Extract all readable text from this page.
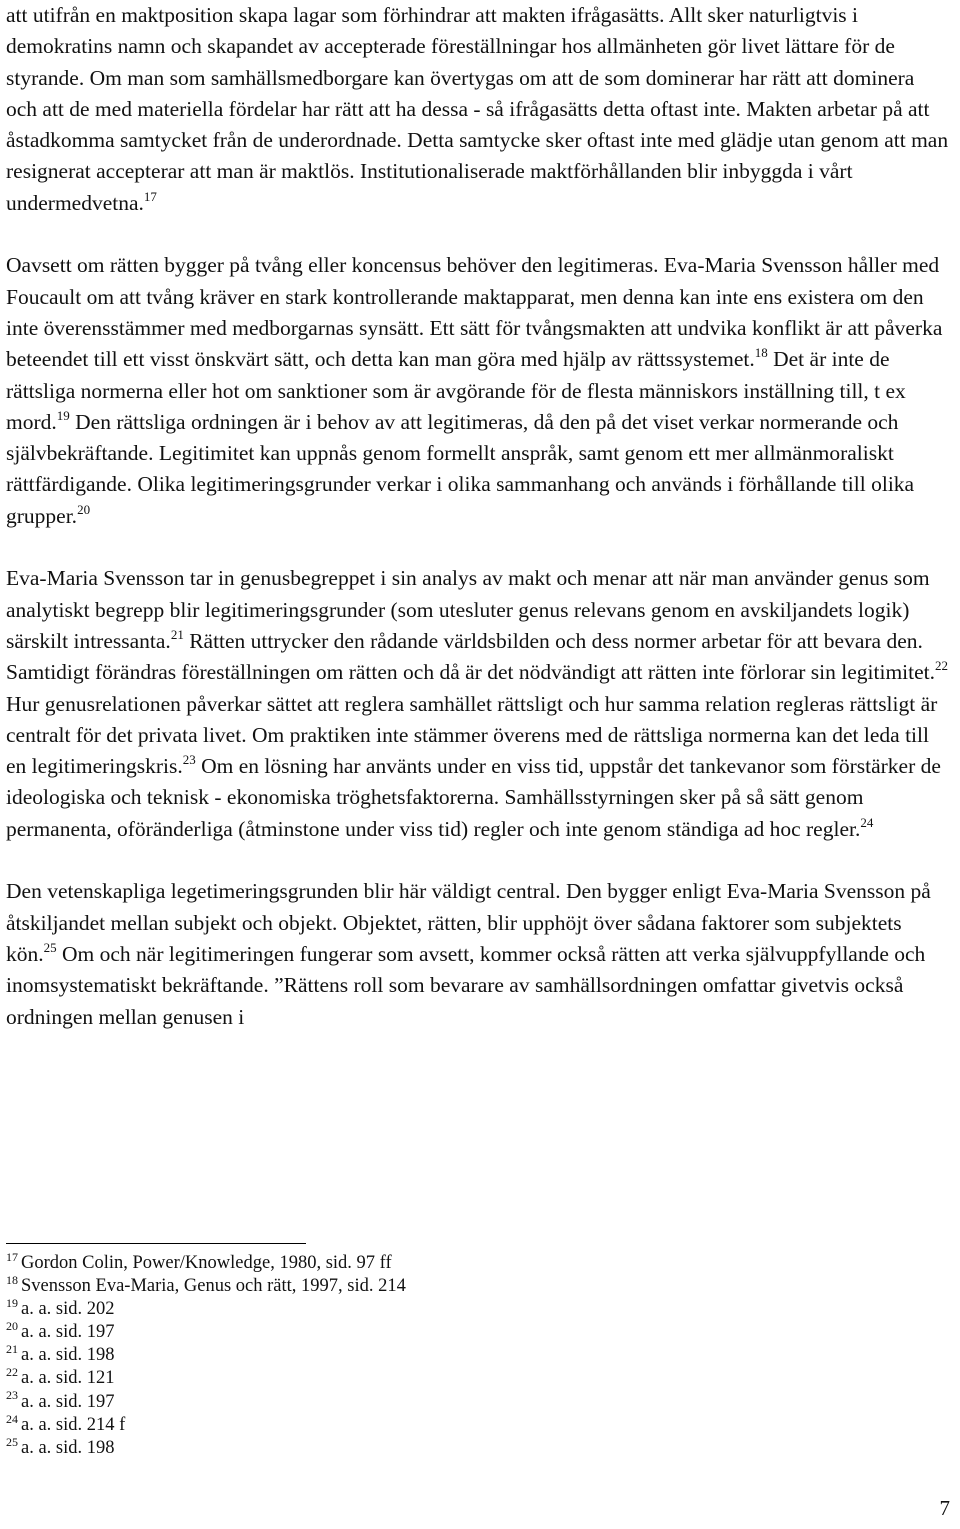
att utifrån en maktposition skapa lagar som förhindrar att makten ifrågasätts. Allt sker naturligtvis i demokratins namn och skapandet av accepterade föreställningar hos allmänheten gör livet lättare för de styrande. Om man som samhällsmedborgare kan övertygas om att de som dominerar har rätt att dominera och att de med materiella fördelar har rätt att ha dessa - så ifrågasätts detta oftast inte. Makten arbetar på att åstadkomma samtycket från de underordnade. Detta samtycke sker oftast inte med glädje utan genom att man resignerat accepterar att man är maktlös. Institutionaliserade maktförhållanden blir inbyggda i vårt undermedvetna.$^{17}$

Oavsett om rätten bygger på tvång eller koncensus behöver den legitimeras. Eva-Maria Svensson håller med Foucault om att tvång kräver en stark kontrollerande maktapparat, men denna kan inte ens existera om den inte överensstämmer med medborgarnas synsätt. Ett sätt för tvångsmakten att undvika konflikt är att påverka beteendet till ett visst önskvärt sätt, och detta kan man göra med hjälp av rättssystemet.$^{18}$ Det är inte de rättsliga normerna eller hot om sanktioner som är avgörande för de flesta människors inställning till, t ex mord.$^{19}$ Den rättsliga ordningen är i behov av att legitimeras, då den på det viset verkar normerande och självbekräftande. Legitimitet kan uppnås genom formellt anspråk, samt genom ett mer allmänmoraliskt rättfärdigande. Olika legitimeringsgrunder verkar i olika sammanhang och används i förhållande till olika grupper.$^{20}$

Eva-Maria Svensson tar in genusbegreppet i sin analys av makt och menar att när man använder genus som analytiskt begrepp blir legitimeringsgrunder (som utesluter genus relevans genom en avskiljandets logik) särskilt intressanta.$^{21}$ Rätten uttrycker den rådande världsbilden och dess normer arbetar för att bevara den. Samtidigt förändras föreställningen om rätten och då är det nödvändigt att rätten inte förlorar sin legitimitet.$^{22}$ Hur genusrelationen påverkar sättet att reglera samhället rättsligt och hur samma relation regleras rättsligt är centralt för det privata livet. Om praktiken inte stämmer överens med de rättsliga normerna kan det leda till en legitimeringskris.$^{23}$ Om en lösning har använts under en viss tid, uppstår det tankevanor som förstärker de ideologiska och teknisk - ekonomiska tröghetsfaktorerna. Samhällsstyrningen sker på så sätt genom permanenta, oföränderliga (åtminstone under viss tid) regler och inte genom ständiga ad hoc regler.$^{24}$

Den vetenskapliga legetimeringsgrunden blir här väldigt central. Den bygger enligt Eva-Maria Svensson på åtskiljandet mellan subjekt och objekt. Objektet, rätten, blir upphöjt över sådana faktorer som subjektets kön.$^{25}$ Om och när legitimeringen fungerar som avsett, kommer också rätten att verka självuppfyllande och inomsystematiskt bekräftande. ”Rättens roll som bevarare av samhällsordningen omfattar givetvis också ordningen mellan genusen i

$^{17}$ Gordon Colin, Power/Knowledge, 1980, sid. 97 ff
$^{18}$ Svensson Eva-Maria, Genus och rätt, 1997, sid. 214
$^{19}$ a. a. sid. 202
$^{20}$ a. a. sid. 197
$^{21}$ a. a. sid. 198
$^{22}$ a. a. sid. 121
$^{23}$ a. a. sid. 197
$^{24}$ a. a. sid. 214 f
$^{25}$ a. a. sid. 198
7
